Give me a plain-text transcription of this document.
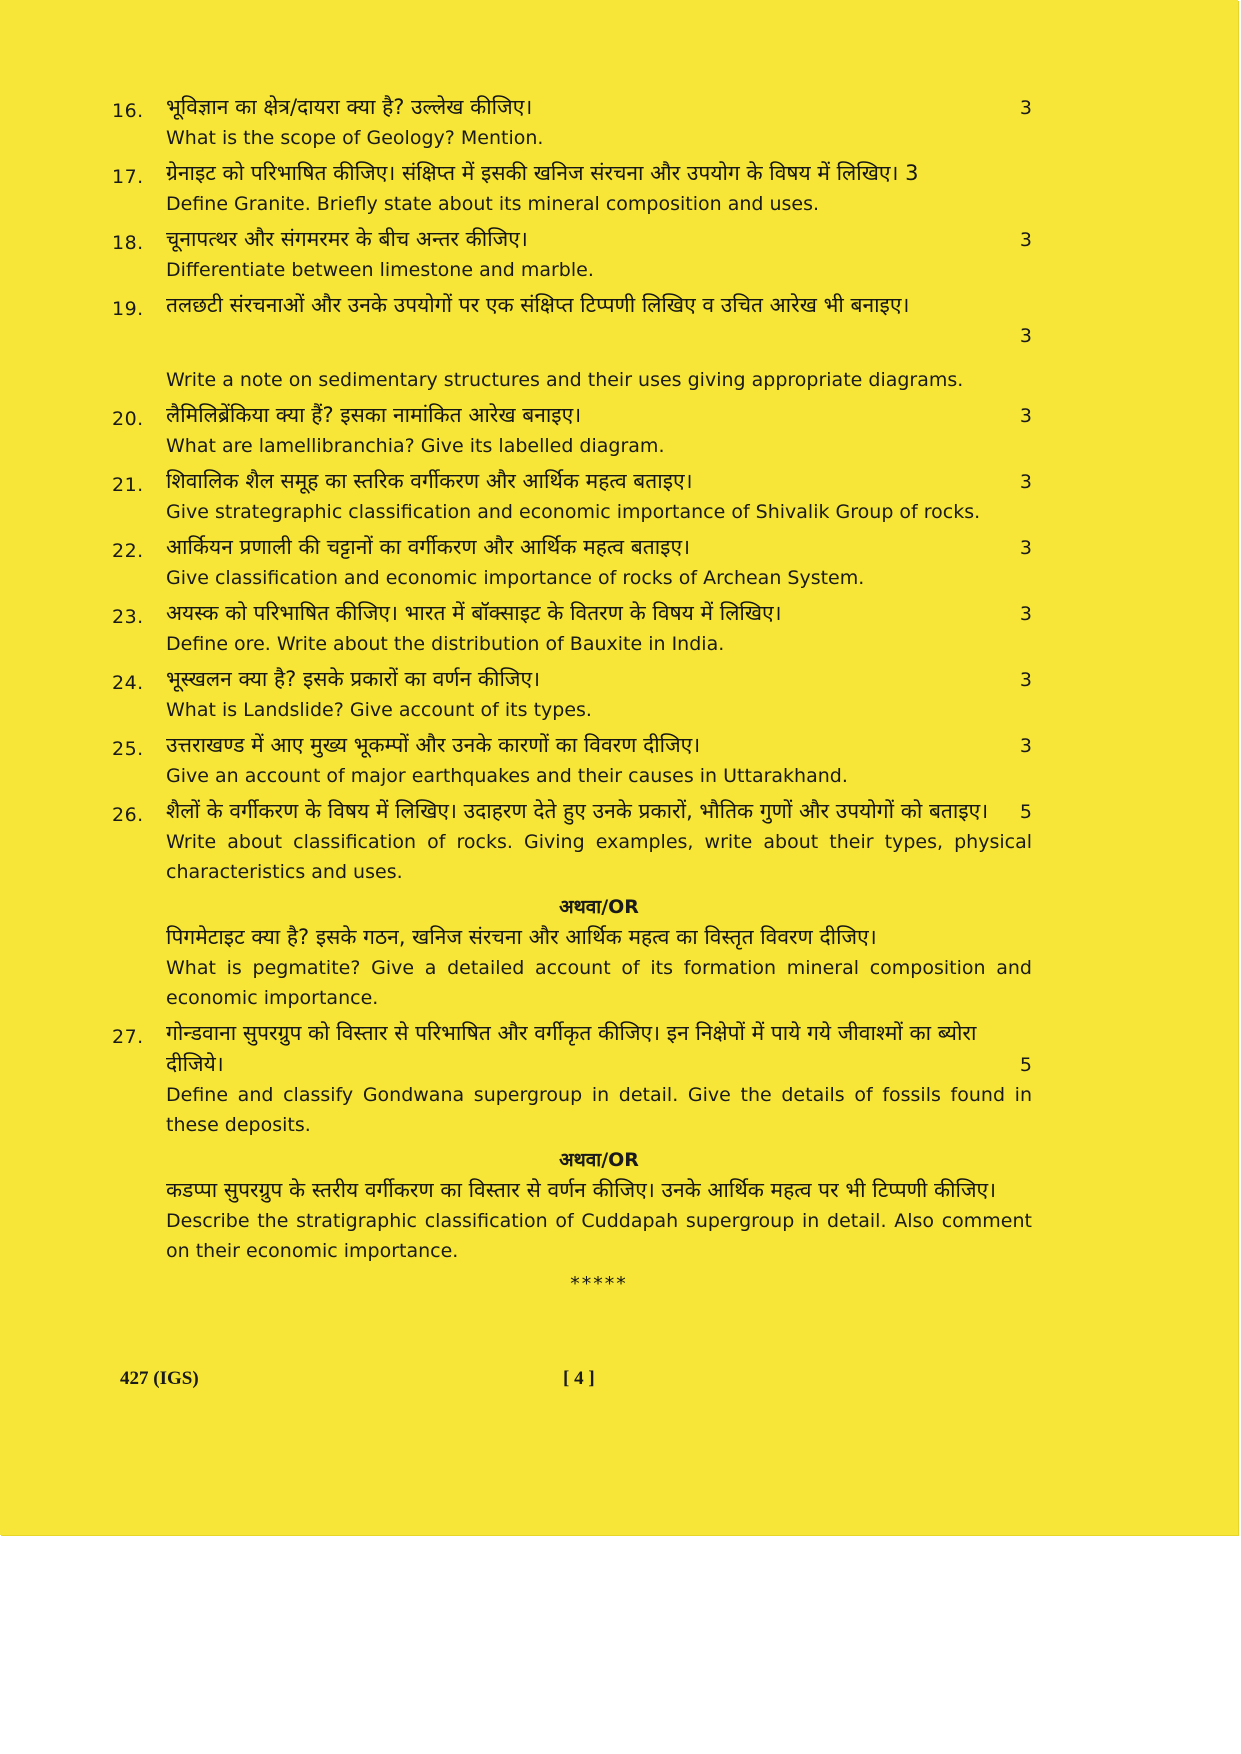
16. भूविज्ञान का क्षेत्र/दायरा क्या है? उल्लेख कीजिए।	3
What is the scope of Geology? Mention.
17. ग्रेनाइट को परिभाषित कीजिए। संक्षिप्त में इसकी खनिज संरचना और उपयोग के विषय में लिखिए। 3
Define Granite. Briefly state about its mineral composition and uses.
18. चूनापत्थर और संगमरमर के बीच अन्तर कीजिए।	3
Differentiate between limestone and marble.
19. तलछटी संरचनाओं और उनके उपयोगों पर एक संक्षिप्त टिप्पणी लिखिए व उचित आरेख भी बनाइए।
3
Write a note on sedimentary structures and their uses giving appropriate diagrams.
20. लैमिलिब्रेंकिया क्या हैं? इसका नामांकित आरेख बनाइए।	3
What are lamellibranchia? Give its labelled diagram.
21. शिवालिक शैल समूह का स्तरिक वर्गीकरण और आर्थिक महत्व बताइए।	3
Give strategraphic classification and economic importance of Shivalik Group of rocks.
22. आर्कियन प्रणाली की चट्टानों का वर्गीकरण और आर्थिक महत्व बताइए।	3
Give classification and economic importance of rocks of Archean System.
23. अयस्क को परिभाषित कीजिए। भारत में बॉक्साइट के वितरण के विषय में लिखिए।	3
Define ore. Write about the distribution of Bauxite in India.
24. भूस्खलन क्या है? इसके प्रकारों का वर्णन कीजिए।	3
What is Landslide? Give account of its types.
25. उत्तराखण्ड में आए मुख्य भूकम्पों और उनके कारणों का विवरण दीजिए।	3
Give an account of major earthquakes and their causes in Uttarakhand.
26. शैलों के वर्गीकरण के विषय में लिखिए। उदाहरण देते हुए उनके प्रकारों, भौतिक गुणों और उपयोगों को बताइए।	5
Write about classification of rocks. Giving examples, write about their types, physical characteristics and uses.
अथवा/OR
पिगमेटाइट क्या है? इसके गठन, खनिज संरचना और आर्थिक महत्व का विस्तृत विवरण दीजिए।
What is pegmatite? Give a detailed account of its formation mineral composition and economic importance.
27. गोन्डवाना सुपरग्रुप को विस्तार से परिभाषित और वर्गीकृत कीजिए। इन निक्षेपों में पाये गये जीवाश्मों का ब्योरा दीजिये।	5
Define and classify Gondwana supergroup in detail. Give the details of fossils found in these deposits.
अथवा/OR
कडप्पा सुपरग्रुप के स्तरीय वर्गीकरण का विस्तार से वर्णन कीजिए। उनके आर्थिक महत्व पर भी टिप्पणी कीजिए।
Describe the stratigraphic classification of Cuddapah supergroup in detail. Also comment on their economic importance.
*****
427 (IGS)	[ 4 ]
